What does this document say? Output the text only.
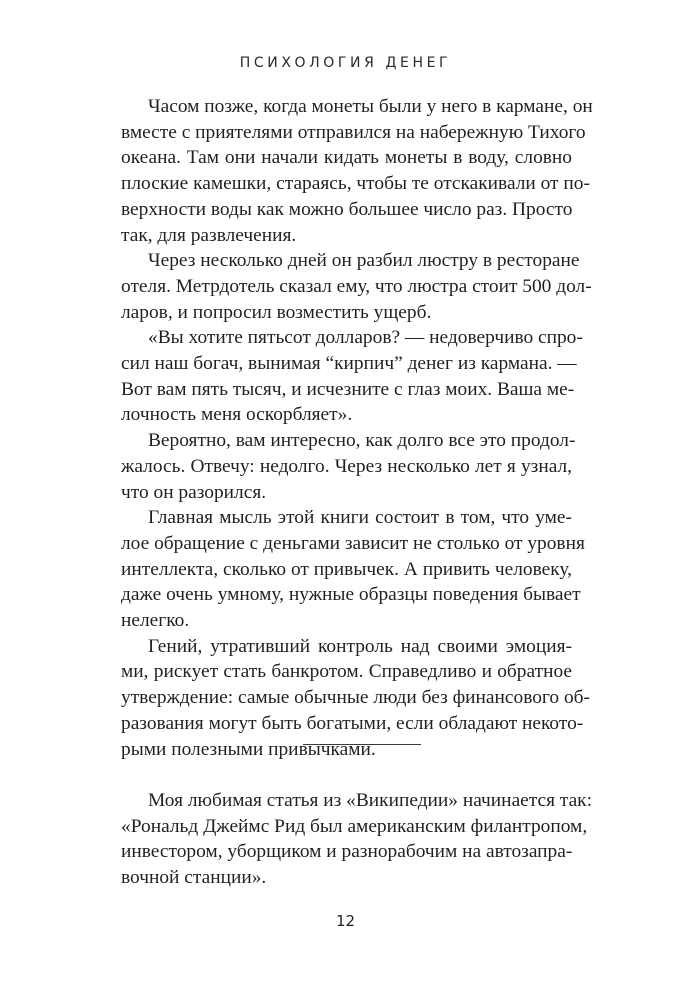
ПСИХОЛОГИЯ ДЕНЕГ

Часом позже, когда монеты были у него в кармане, он
вместе с приятелями отправился на набережную Тихого
океана. Там они начали кидать монеты в воду, словно
плоские камешки, стараясь, чтобы те отскакивали от по-
верхности воды как можно большее число раз. Просто
так, для развлечения.

Через несколько дней он разбил люстру в ресторане
отеля. Метрдотель сказал ему, что люстра стоит 500 дол-
ларов, и попросил возместить ущерб.

«Вы хотите пятьсот долларов? — недоверчиво спро-
сил наш богач, вынимая “кирпич” денег из кармана. —
Вот вам пять тысяч, и исчезните с глаз моих. Ваша ме-
лочность меня оскорбляет».

Вероятно, вам интересно, как долго все это продол-
жалось. Отвечу: недолго. Через несколько лет я узнал,
что он разорился.

Главная мысль этой книги состоит в том, что уме-
лое обращение с деньгами зависит не столько от уровня
интеллекта, сколько от привычек. А привить человеку,
даже очень умному, нужные образцы поведения бывает
нелегко.

Гений, утративший контроль над своими эмоция-
ми, рискует стать банкротом. Справедливо и обратное
утверждение: самые обычные люди без финансового об-
разования могут быть богатыми, если обладают некото-
рыми полезными привычками.

Моя любимая статья из «Википедии» начинается так:
«Рональд Джеймс Рид был американским филантропом,
инвестором, уборщиком и разнорабочим на автозапра-
вочной станции».

12
